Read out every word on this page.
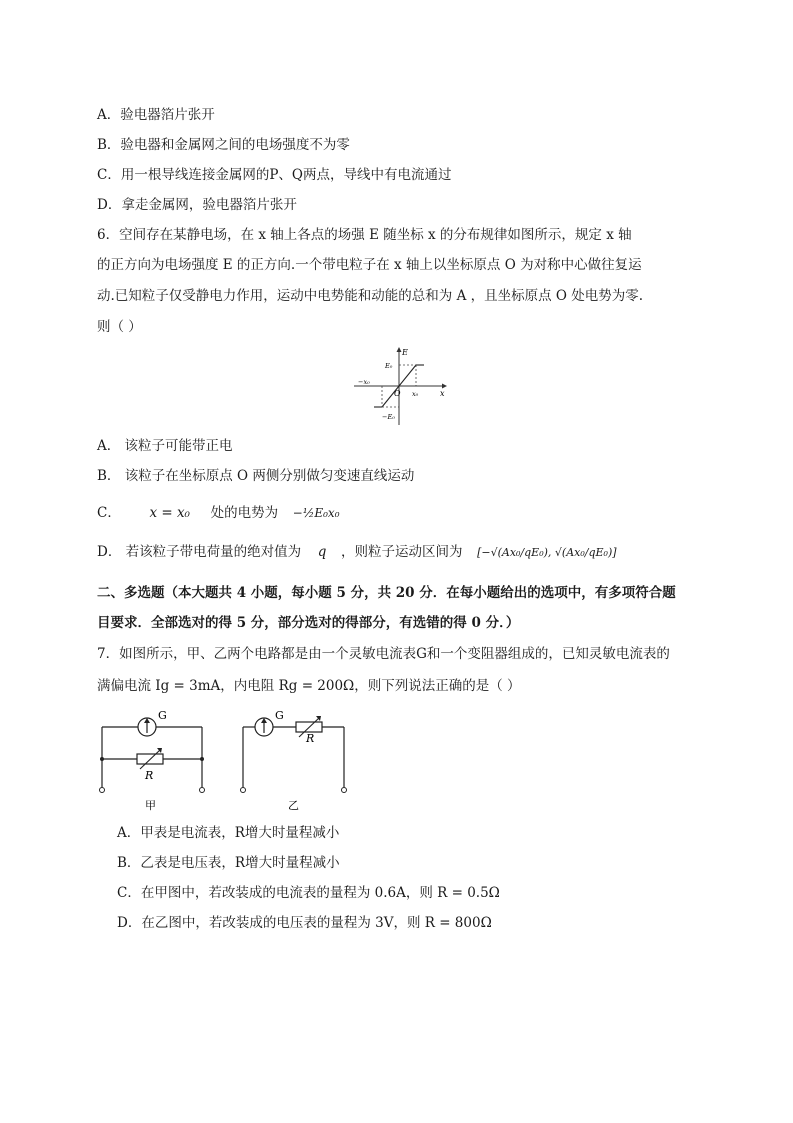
A．验电器箔片张开
B．验电器和金属网之间的电场强度不为零
C．用一根导线连接金属网的P、Q两点，导线中有电流通过
D．拿走金属网，验电器箔片张开
6．空间存在某静电场，在 x 轴上各点的场强 E 随坐标 x 的分布规律如图所示，规定 x 轴
的正方向为电场强度 E 的正方向.一个带电粒子在 x 轴上以坐标原点 O 为对称中心做往复运
动.已知粒子仅受静电力作用，运动中电势能和动能的总和为 A ，且坐标原点 O 处电势为零.
则（ ）
E
x
O
E₀
−E₀
x₀
−x₀
A． 该粒子可能带正电
B． 该粒子在坐标原点 O 两侧分别做匀变速直线运动
C． x = x₀ 处的电势为 −½E₀x₀
D． 若该粒子带电荷量的绝对值为 q ，则粒子运动区间为 [−√(Ax₀/qE₀), √(Ax₀/qE₀)]
二、多选题（本大题共 4 小题，每小题 5 分，共 20 分．在每小题给出的选项中，有多项符合题
目要求．全部选对的得 5 分，部分选对的得部分，有选错的得 0 分．）
7．如图所示，甲、乙两个电路都是由一个灵敏电流表G和一个变阻器组成的，已知灵敏电流表的
满偏电流 Ig = 3mA，内电阻 Rg = 200Ω，则下列说法正确的是（ ）
G
R
甲
G
R
乙
A．甲表是电流表，R增大时量程减小
B．乙表是电压表，R增大时量程减小
C．在甲图中，若改装成的电流表的量程为 0.6A，则 R = 0.5Ω
D．在乙图中，若改装成的电压表的量程为 3V，则 R = 800Ω
